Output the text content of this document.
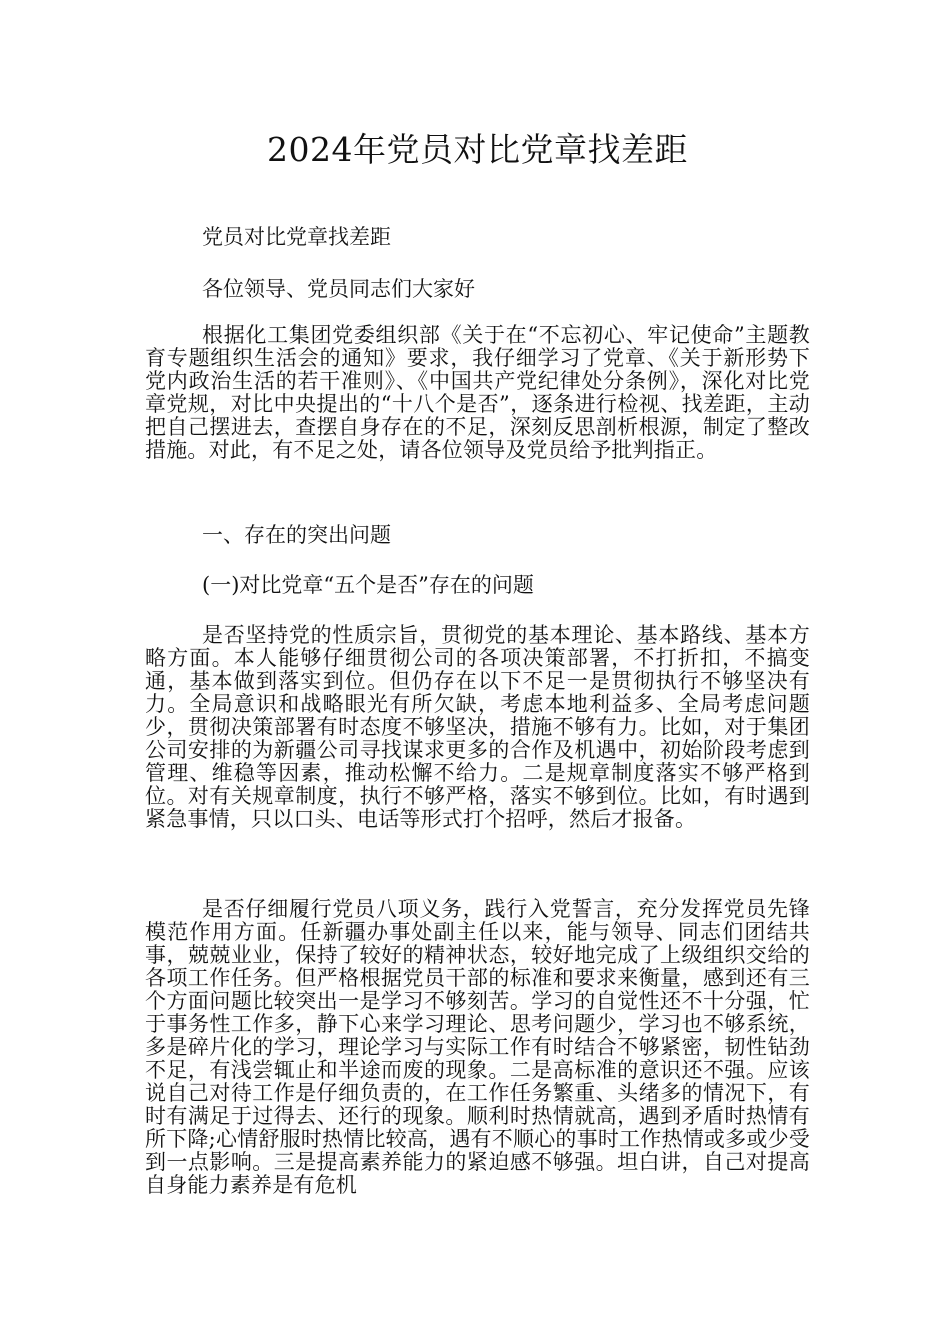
2024年党员对比党章找差距

党员对比党章找差距

各位领导、党员同志们大家好

根据化工集团党委组织部《关于在“不忘初心、牢记使命”主题教育专题组织生活会的通知》要求，我仔细学习了党章、《关于新形势下党内政治生活的若干准则》、《中国共产党纪律处分条例》，深化对比党章党规，对比中央提出的“十八个是否”，逐条进行检视、找差距，主动把自己摆进去，查摆自身存在的不足，深刻反思剖析根源，制定了整改措施。对此，有不足之处，请各位领导及党员给予批判指正。

一、存在的突出问题

(一)对比党章“五个是否”存在的问题

是否坚持党的性质宗旨，贯彻党的基本理论、基本路线、基本方略方面。本人能够仔细贯彻公司的各项决策部署，不打折扣，不搞变通，基本做到落实到位。但仍存在以下不足一是贯彻执行不够坚决有力。全局意识和战略眼光有所欠缺，考虑本地利益多、全局考虑问题少，贯彻决策部署有时态度不够坚决，措施不够有力。比如，对于集团公司安排的为新疆公司寻找谋求更多的合作及机遇中，初始阶段考虑到管理、维稳等因素，推动松懈不给力。二是规章制度落实不够严格到位。对有关规章制度，执行不够严格，落实不够到位。比如，有时遇到紧急事情，只以口头、电话等形式打个招呼，然后才报备。

是否仔细履行党员八项义务，践行入党誓言，充分发挥党员先锋模范作用方面。任新疆办事处副主任以来，能与领导、同志们团结共事，兢兢业业，保持了较好的精神状态，较好地完成了上级组织交给的各项工作任务。但严格根据党员干部的标准和要求来衡量，感到还有三个方面问题比较突出一是学习不够刻苦。学习的自觉性还不十分强，忙于事务性工作多，静下心来学习理论、思考问题少，学习也不够系统，多是碎片化的学习，理论学习与实际工作有时结合不够紧密，韧性钻劲不足，有浅尝辄止和半途而废的现象。二是高标准的意识还不强。应该说自己对待工作是仔细负责的，在工作任务繁重、头绪多的情况下，有时有满足于过得去、还行的现象。顺利时热情就高，遇到矛盾时热情有所下降;心情舒服时热情比较高，遇有不顺心的事时工作热情或多或少受到一点影响。三是提高素养能力的紧迫感不够强。坦白讲，自己对提高自身能力素养是有危机
